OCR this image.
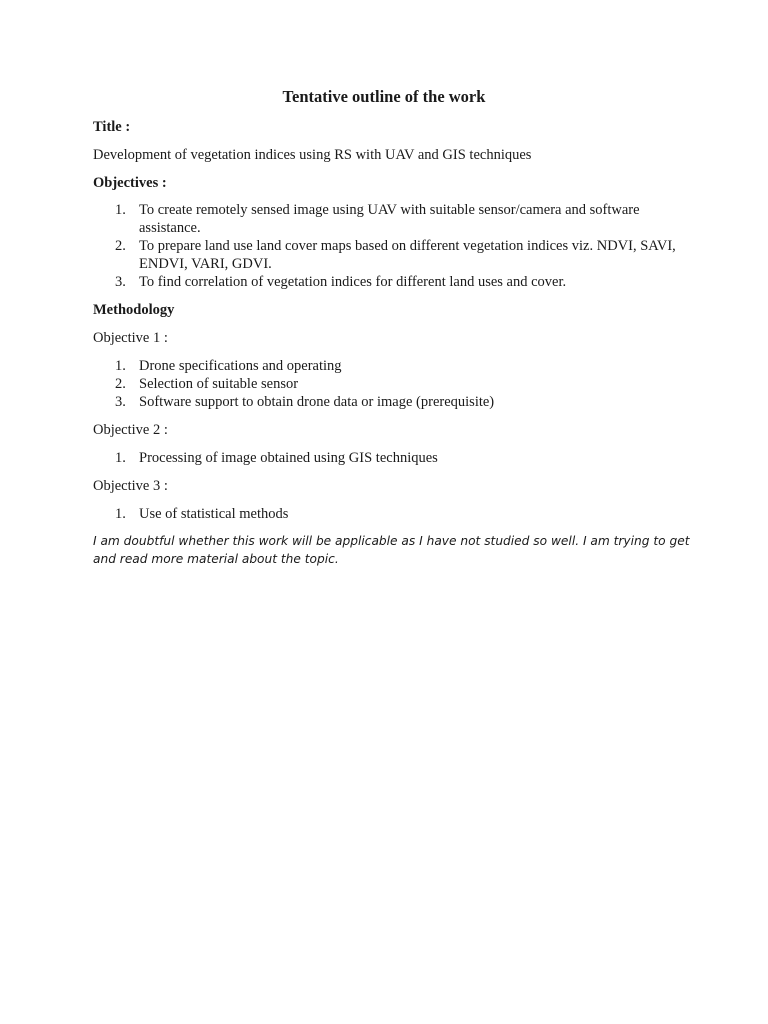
Tentative outline of the work

Title :

Development of vegetation indices using RS with UAV and GIS techniques

Objectives :

1. To create remotely sensed image using UAV with suitable sensor/camera and software assistance.
2. To prepare land use land cover maps based on different vegetation indices viz. NDVI, SAVI, ENDVI, VARI, GDVI.
3. To find correlation of vegetation indices for different land uses and cover.

Methodology

Objective 1 :

1. Drone specifications and operating
2. Selection of suitable sensor
3. Software support to obtain drone data or image (prerequisite)

Objective 2 :

1. Processing of image obtained using GIS techniques

Objective 3 :

1. Use of statistical methods

I am doubtful whether this work will be applicable as I have not studied so well. I am trying to get and read more material about the topic.
